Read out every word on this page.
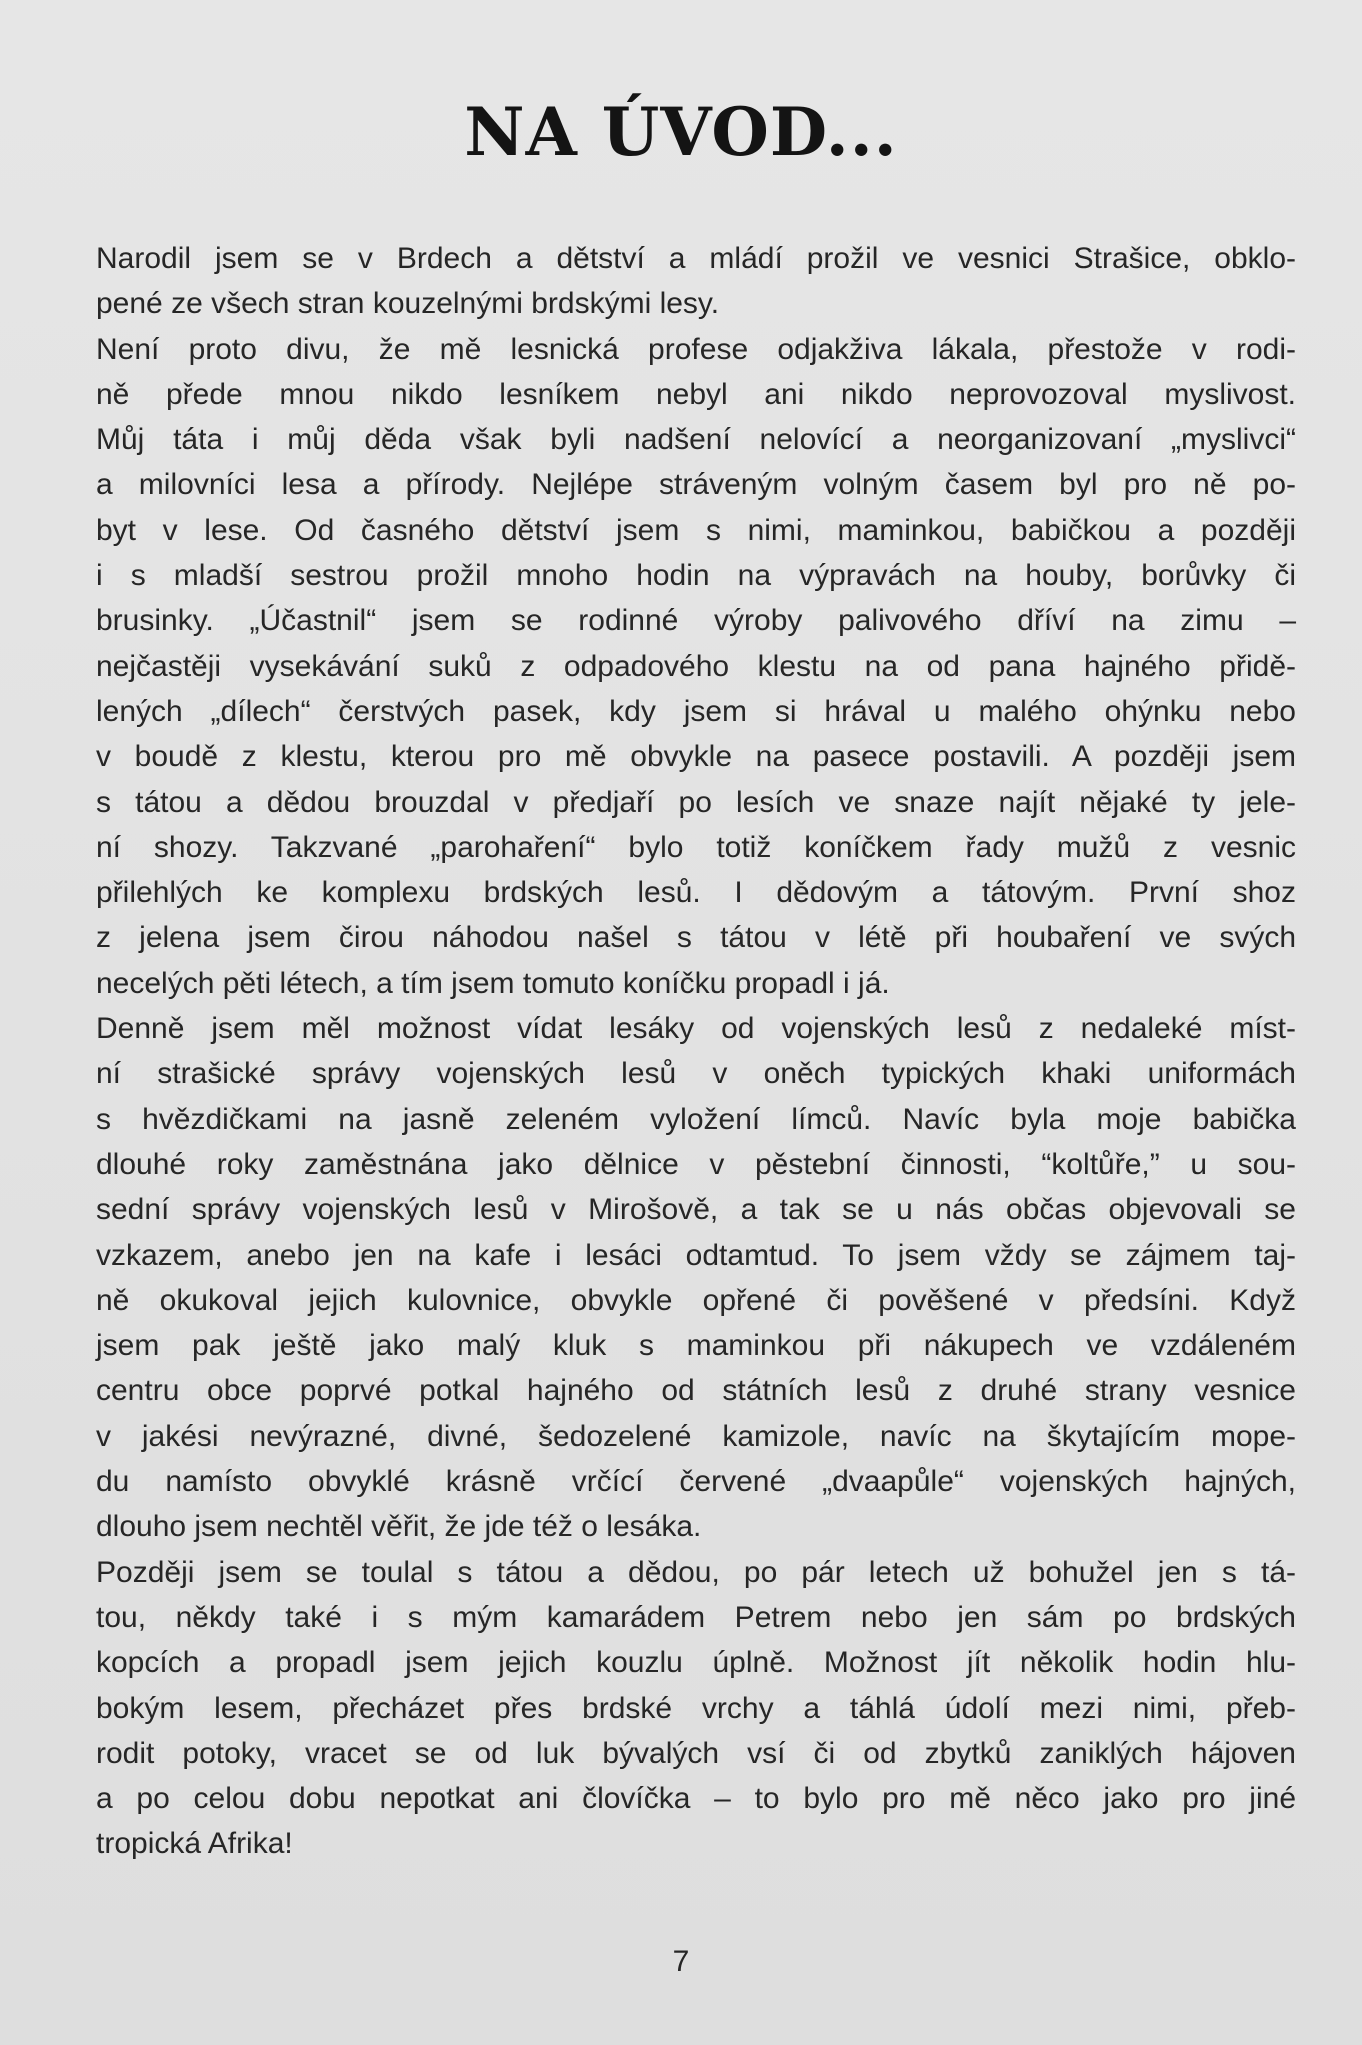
NA ÚVOD...
Narodil jsem se v Brdech a dětství a mládí prožil ve vesnici Strašice, obklo-
pené ze všech stran kouzelnými brdskými lesy.
Není proto divu, že mě lesnická profese odjakživa lákala, přestože v rodi-
ně přede mnou nikdo lesníkem nebyl ani nikdo neprovozoval myslivost.
Můj táta i můj děda však byli nadšení nelovící a neorganizovaní „myslivci“
a milovníci lesa a přírody. Nejlépe stráveným volným časem byl pro ně po-
byt v lese. Od časného dětství jsem s nimi, maminkou, babičkou a později
i s mladší sestrou prožil mnoho hodin na výpravách na houby, borůvky či
brusinky. „Účastnil“ jsem se rodinné výroby palivového dříví na zimu –
nejčastěji vysekávání suků z odpadového klestu na od pana hajného přidě-
lených „dílech“ čerstvých pasek, kdy jsem si hrával u malého ohýnku nebo
v boudě z klestu, kterou pro mě obvykle na pasece postavili. A později jsem
s tátou a dědou brouzdal v předjaří po lesích ve snaze najít nějaké ty jele-
ní shozy. Takzvané „parohaření“ bylo totiž koníčkem řady mužů z vesnic
přilehlých ke komplexu brdských lesů. I dědovým a tátovým. První shoz
z jelena jsem čirou náhodou našel s tátou v létě při houbaření ve svých
necelých pěti létech, a tím jsem tomuto koníčku propadl i já.
Denně jsem měl možnost vídat lesáky od vojenských lesů z nedaleké míst-
ní strašické správy vojenských lesů v oněch typických khaki uniformách
s hvězdičkami na jasně zeleném vyložení límců. Navíc byla moje babička
dlouhé roky zaměstnána jako dělnice v pěstební činnosti, “koltůře,” u sou-
sední správy vojenských lesů v Mirošově, a tak se u nás občas objevovali se
vzkazem, anebo jen na kafe i lesáci odtamtud. To jsem vždy se zájmem taj-
ně okukoval jejich kulovnice, obvykle opřené či pověšené v předsíni. Když
jsem pak ještě jako malý kluk s maminkou při nákupech ve vzdáleném
centru obce poprvé potkal hajného od státních lesů z druhé strany vesnice
v jakési nevýrazné, divné, šedozelené kamizole, navíc na škytajícím mope-
du namísto obvyklé krásně vrčící červené „dvaapůle“ vojenských hajných,
dlouho jsem nechtěl věřit, že jde též o lesáka.
Později jsem se toulal s tátou a dědou, po pár letech už bohužel jen s tá-
tou, někdy také i s mým kamarádem Petrem nebo jen sám po brdských
kopcích a propadl jsem jejich kouzlu úplně. Možnost jít několik hodin hlu-
bokým lesem, přecházet přes brdské vrchy a táhlá údolí mezi nimi, přeb-
rodit potoky, vracet se od luk bývalých vsí či od zbytků zaniklých hájoven
a po celou dobu nepotkat ani človíčka – to bylo pro mě něco jako pro jiné
tropická Afrika!
7
